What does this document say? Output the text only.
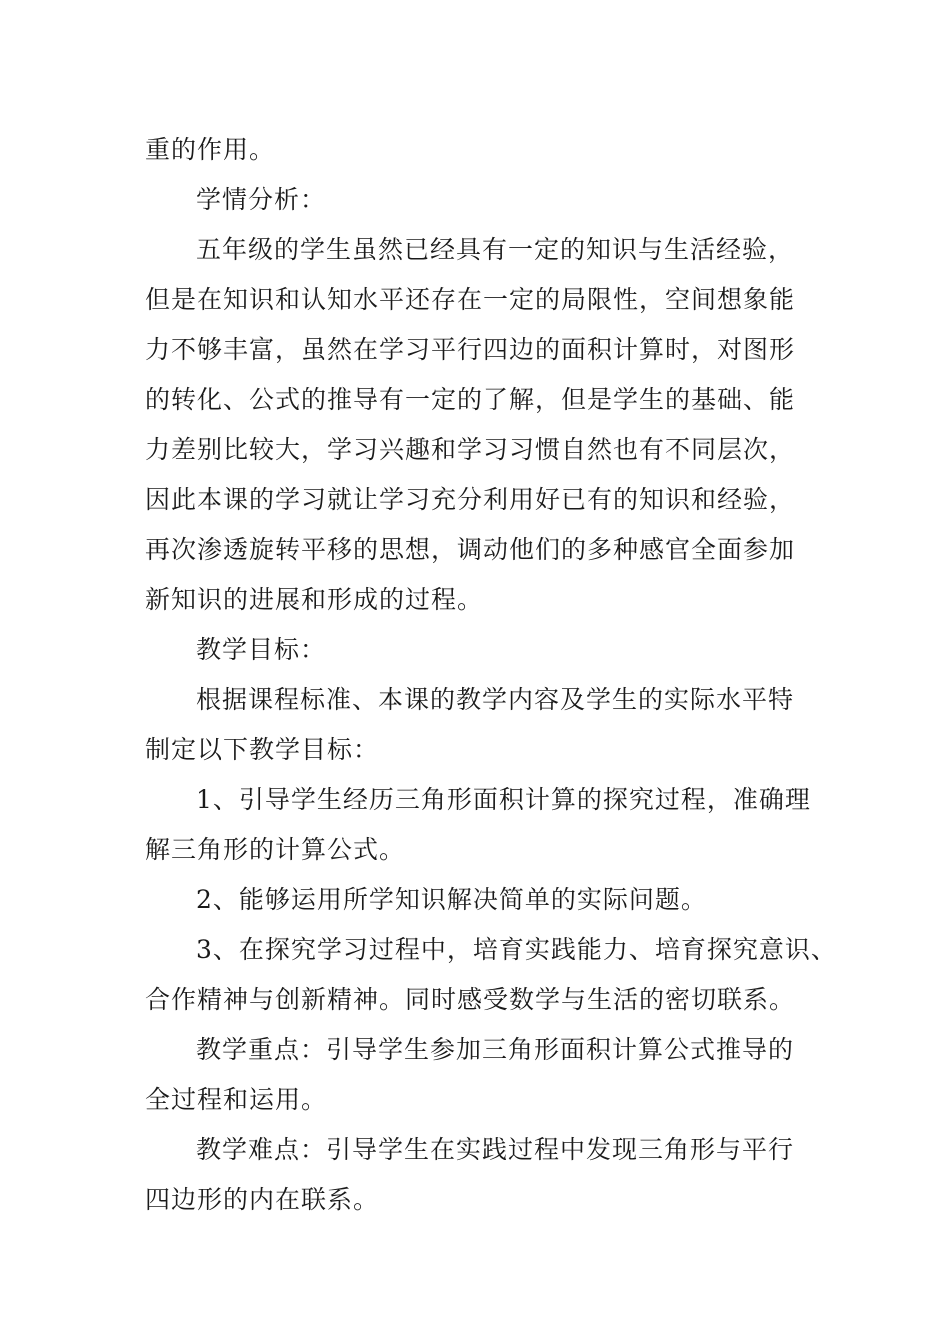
重的作用。

学情分析：

五年级的学生虽然已经具有一定的知识与生活经验，

但是在知识和认知水平还存在一定的局限性，空间想象能

力不够丰富，虽然在学习平行四边的面积计算时，对图形

的转化、公式的推导有一定的了解，但是学生的基础、能

力差别比较大，学习兴趣和学习习惯自然也有不同层次，

因此本课的学习就让学习充分利用好已有的知识和经验，

再次渗透旋转平移的思想，调动他们的多种感官全面参加

新知识的进展和形成的过程。

教学目标：

根据课程标准、本课的教学内容及学生的实际水平特

制定以下教学目标：

1、引导学生经历三角形面积计算的探究过程，准确理

解三角形的计算公式。

2、能够运用所学知识解决简单的实际问题。

3、在探究学习过程中，培育实践能力、培育探究意识、

合作精神与创新精神。同时感受数学与生活的密切联系。

教学重点：引导学生参加三角形面积计算公式推导的

全过程和运用。

教学难点：引导学生在实践过程中发现三角形与平行

四边形的内在联系。
